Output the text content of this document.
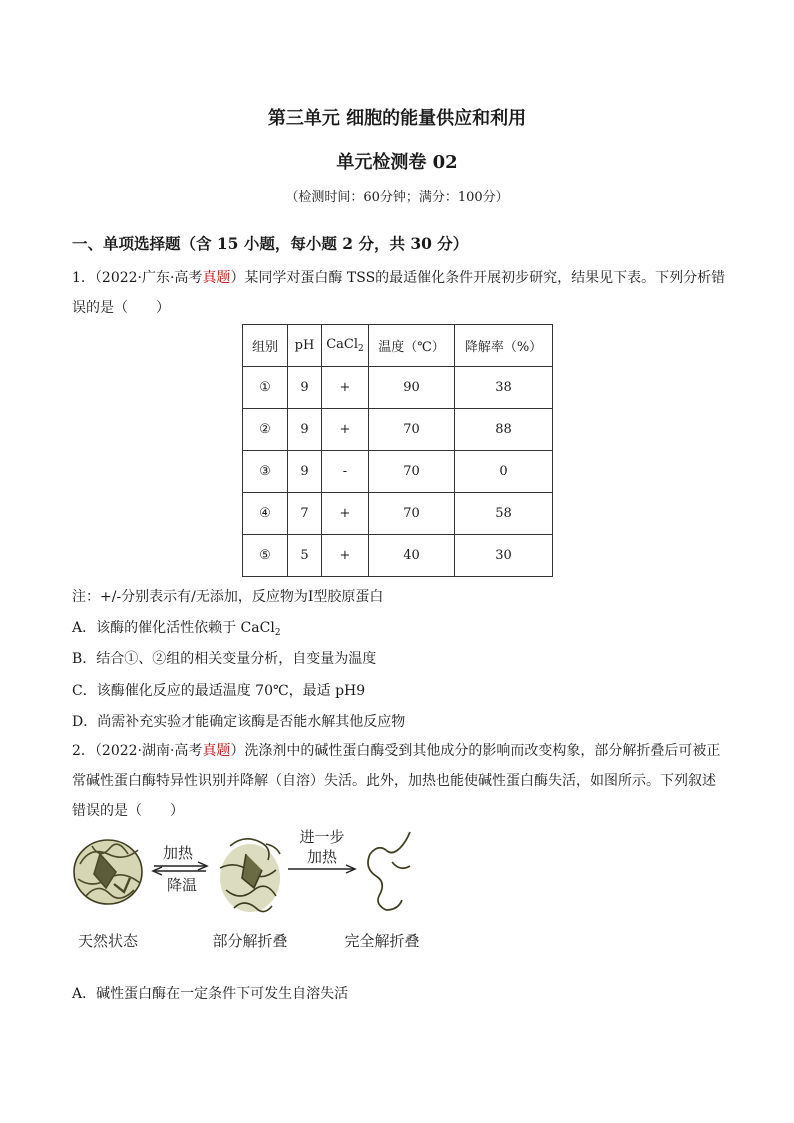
第三单元 细胞的能量供应和利用
单元检测卷 02
（检测时间：60分钟；满分：100分）
一、单项选择题（含 15 小题，每小题 2 分，共 30 分）
1．（2022·广东·高考真题）某同学对蛋白酶 TSS的最适催化条件开展初步研究，结果见下表。下列分析错误的是（　　）
组别	pH	CaCl$_2$	温度（℃）	降解率（%）
①	9	+	90	38
②	9	+	70	88
③	9	-	70	0
④	7	+	70	58
⑤	5	+	40	30
注：+/-分别表示有/无添加，反应物为Ⅰ型胶原蛋白
A．该酶的催化活性依赖于 CaCl$_2$
B．结合①、②组的相关变量分析，自变量为温度
C．该酶催化反应的最适温度 70℃，最适 pH9
D．尚需补充实验才能确定该酶是否能水解其他反应物
2．（2022·湖南·高考真题）洗涤剂中的碱性蛋白酶受到其他成分的影响而改变构象，部分解折叠后可被正常碱性蛋白酶特异性识别并降解（自溶）失活。此外，加热也能使碱性蛋白酶失活，如图所示。下列叙述错误的是（　　）
加热
降温
进一步
加热
天然状态	部分解折叠	完全解折叠
A．碱性蛋白酶在一定条件下可发生自溶失活
